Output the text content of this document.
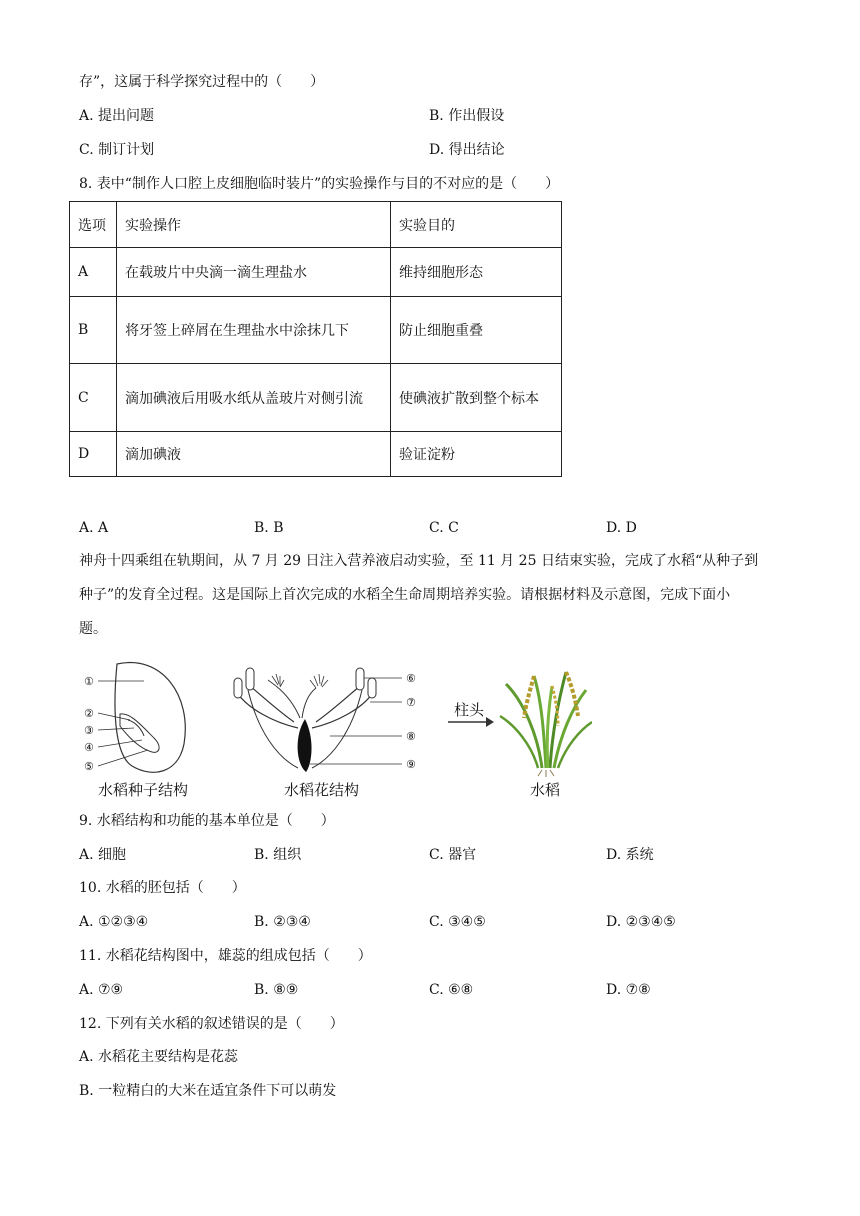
存”，这属于科学探究过程中的（　　）
A. 提出问题	B. 作出假设
C. 制订计划	D. 得出结论
8. 表中“制作人口腔上皮细胞临时装片”的实验操作与目的不对应的是（　　）
选项	实验操作	实验目的
A	在载玻片中央滴一滴生理盐水	维持细胞形态
B	将牙签上碎屑在生理盐水中涂抹几下	防止细胞重叠
C	滴加碘液后用吸水纸从盖玻片对侧引流	使碘液扩散到整个标本
D	滴加碘液	验证淀粉
A. A	B. B	C. C	D. D
神舟十四乘组在轨期间，从 7 月 29 日注入营养液启动实验，至 11 月 25 日结束实验，完成了水稻“从种子到
种子”的发育全过程。这是国际上首次完成的水稻全生命周期培养实验。请根据材料及示意图，完成下面小
题。
①
②
③
④
⑤
水稻种子结构
⑥
⑦
⑧
⑨
水稻花结构
柱头
水稻
9. 水稻结构和功能的基本单位是（　　）
A. 细胞	B. 组织	C. 器官	D. 系统
10. 水稻的胚包括（　　）
A. ①②③④	B. ②③④	C. ③④⑤	D. ②③④⑤
11. 水稻花结构图中，雄蕊的组成包括（　　）
A. ⑦⑨	B. ⑧⑨	C. ⑥⑧	D. ⑦⑧
12. 下列有关水稻的叙述错误的是（　　）
A. 水稻花主要结构是花蕊
B. 一粒精白的大米在适宜条件下可以萌发
